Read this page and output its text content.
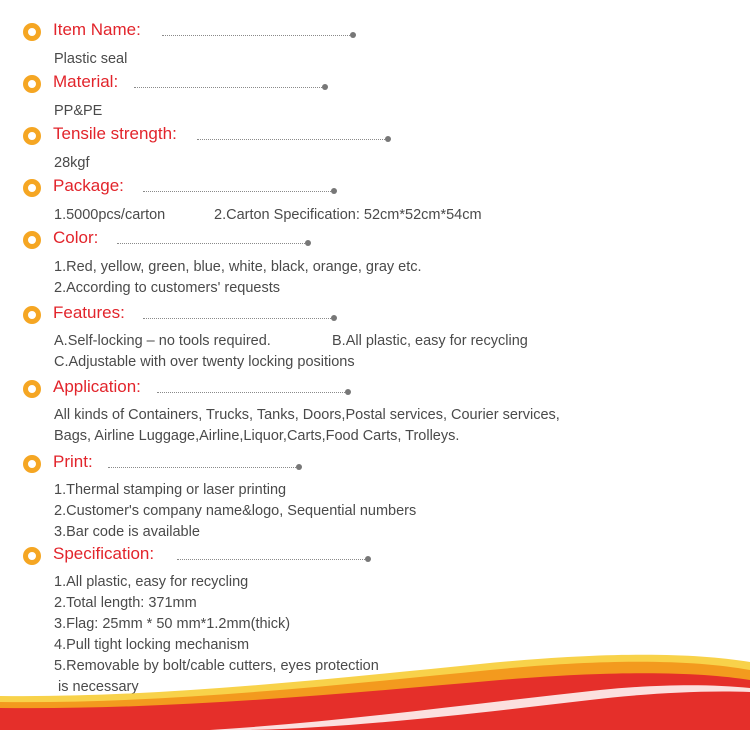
Item Name:
Plastic seal
Material:
PP&PE
Tensile strength:
28kgf
Package:
1.5000pcs/carton	2.Carton Specification: 52cm*52cm*54cm
Color:
1.Red, yellow, green, blue, white, black, orange, gray etc.
2.According to customers' requests
Features:
A.Self-locking – no tools required.	B.All plastic, easy for recycling
C.Adjustable with over twenty locking positions
Application:
All kinds of Containers, Trucks, Tanks, Doors,Postal services, Courier services,
Bags, Airline Luggage,Airline,Liquor,Carts,Food Carts, Trolleys.
Print:
1.Thermal stamping or laser printing
2.Customer's company name&logo, Sequential numbers
3.Bar code is available
Specification:
1.All plastic, easy for recycling
2.Total length: 371mm
3.Flag: 25mm * 50 mm*1.2mm(thick)
4.Pull tight locking mechanism
5.Removable by bolt/cable cutters, eyes protection
is necessary
